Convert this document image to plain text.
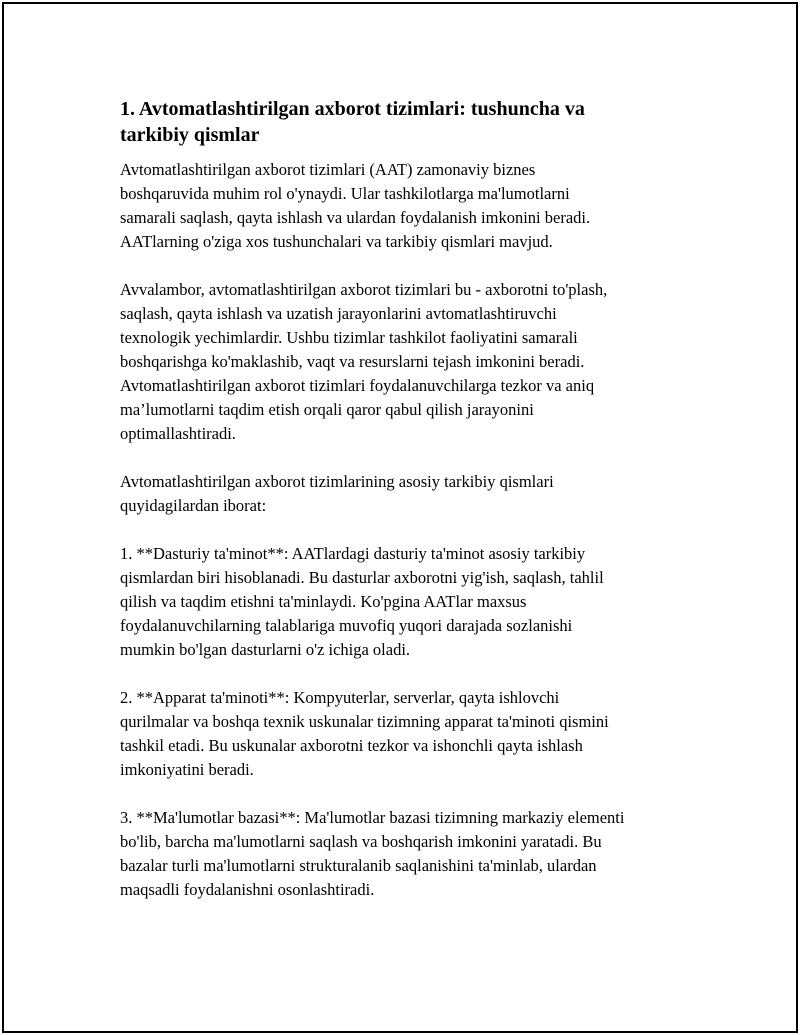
1. Avtomatlashtirilgan axborot tizimlari: tushuncha va
tarkibiy qismlar

Avtomatlashtirilgan axborot tizimlari (AAT) zamonaviy biznes
boshqaruvida muhim rol o'ynaydi. Ular tashkilotlarga ma'lumotlarni
samarali saqlash, qayta ishlash va ulardan foydalanish imkonini beradi.
AATlarning o'ziga xos tushunchalari va tarkibiy qismlari mavjud.

Avvalambor, avtomatlashtirilgan axborot tizimlari bu - axborotni to'plash,
saqlash, qayta ishlash va uzatish jarayonlarini avtomatlashtiruvchi
texnologik yechimlardir. Ushbu tizimlar tashkilot faoliyatini samarali
boshqarishga ko'maklashib, vaqt va resurslarni tejash imkonini beradi.
Avtomatlashtirilgan axborot tizimlari foydalanuvchilarga tezkor va aniq
ma’lumotlarni taqdim etish orqali qaror qabul qilish jarayonini
optimallashtiradi.

Avtomatlashtirilgan axborot tizimlarining asosiy tarkibiy qismlari
quyidagilardan iborat:

1. **Dasturiy ta'minot**: AATlardagi dasturiy ta'minot asosiy tarkibiy
qismlardan biri hisoblanadi. Bu dasturlar axborotni yig'ish, saqlash, tahlil
qilish va taqdim etishni ta'minlaydi. Ko'pgina AATlar maxsus
foydalanuvchilarning talablariga muvofiq yuqori darajada sozlanishi
mumkin bo'lgan dasturlarni o'z ichiga oladi.

2. **Apparat ta'minoti**: Kompyuterlar, serverlar, qayta ishlovchi
qurilmalar va boshqa texnik uskunalar tizimning apparat ta'minoti qismini
tashkil etadi. Bu uskunalar axborotni tezkor va ishonchli qayta ishlash
imkoniyatini beradi.

3. **Ma'lumotlar bazasi**: Ma'lumotlar bazasi tizimning markaziy elementi
bo'lib, barcha ma'lumotlarni saqlash va boshqarish imkonini yaratadi. Bu
bazalar turli ma'lumotlarni strukturalanib saqlanishini ta'minlab, ulardan
maqsadli foydalanishni osonlashtiradi.
